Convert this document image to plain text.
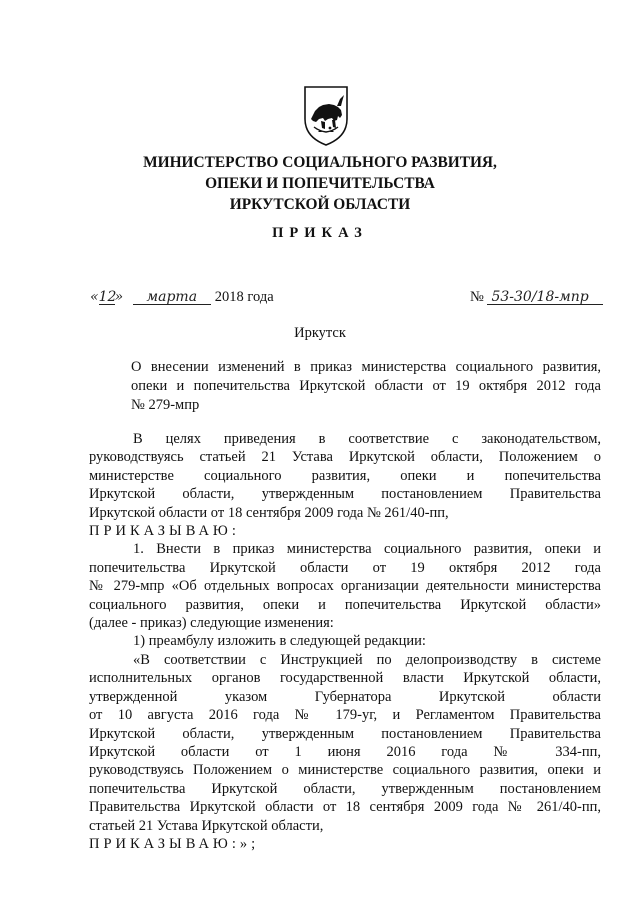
МИНИСТЕРСТВО СОЦИАЛЬНОГО РАЗВИТИЯ,
ОПЕКИ И ПОПЕЧИТЕЛЬСТВА
ИРКУТСКОЙ ОБЛАСТИ
ПРИКАЗ
«12» марта 2018 года	№ 53-30/18-мпр
Иркутск
О внесении изменений в приказ министерства социального развития,
опеки и попечительства Иркутской области от 19 октября 2012 года
№ 279-мпр
В целях приведения в соответствие с законодательством,
руководствуясь статьей 21 Устава Иркутской области, Положением о
министерстве социального развития, опеки и попечительства
Иркутской области, утвержденным постановлением Правительства
Иркутской области от 18 сентября 2009 года № 261/40-пп,
ПРИКАЗЫВАЮ:
1. Внести в приказ министерства социального развития, опеки и
попечительства Иркутской области от 19 октября 2012 года
№ 279-мпр «Об отдельных вопросах организации деятельности министерства
социального развития, опеки и попечительства Иркутской области»
(далее - приказ) следующие изменения:
1) преамбулу изложить в следующей редакции:
«В соответствии с Инструкцией по делопроизводству в системе
исполнительных органов государственной власти Иркутской области,
утвержденной указом Губернатора Иркутской области
от 10 августа 2016 года № 179-уг, и Регламентом Правительства
Иркутской области, утвержденным постановлением Правительства
Иркутской области от 1 июня 2016 года № 334-пп,
руководствуясь Положением о министерстве социального развития, опеки и
попечительства Иркутской области, утвержденным постановлением
Правительства Иркутской области от 18 сентября 2009 года № 261/40-пп,
статьей 21 Устава Иркутской области,
ПРИКАЗЫВАЮ:»;
